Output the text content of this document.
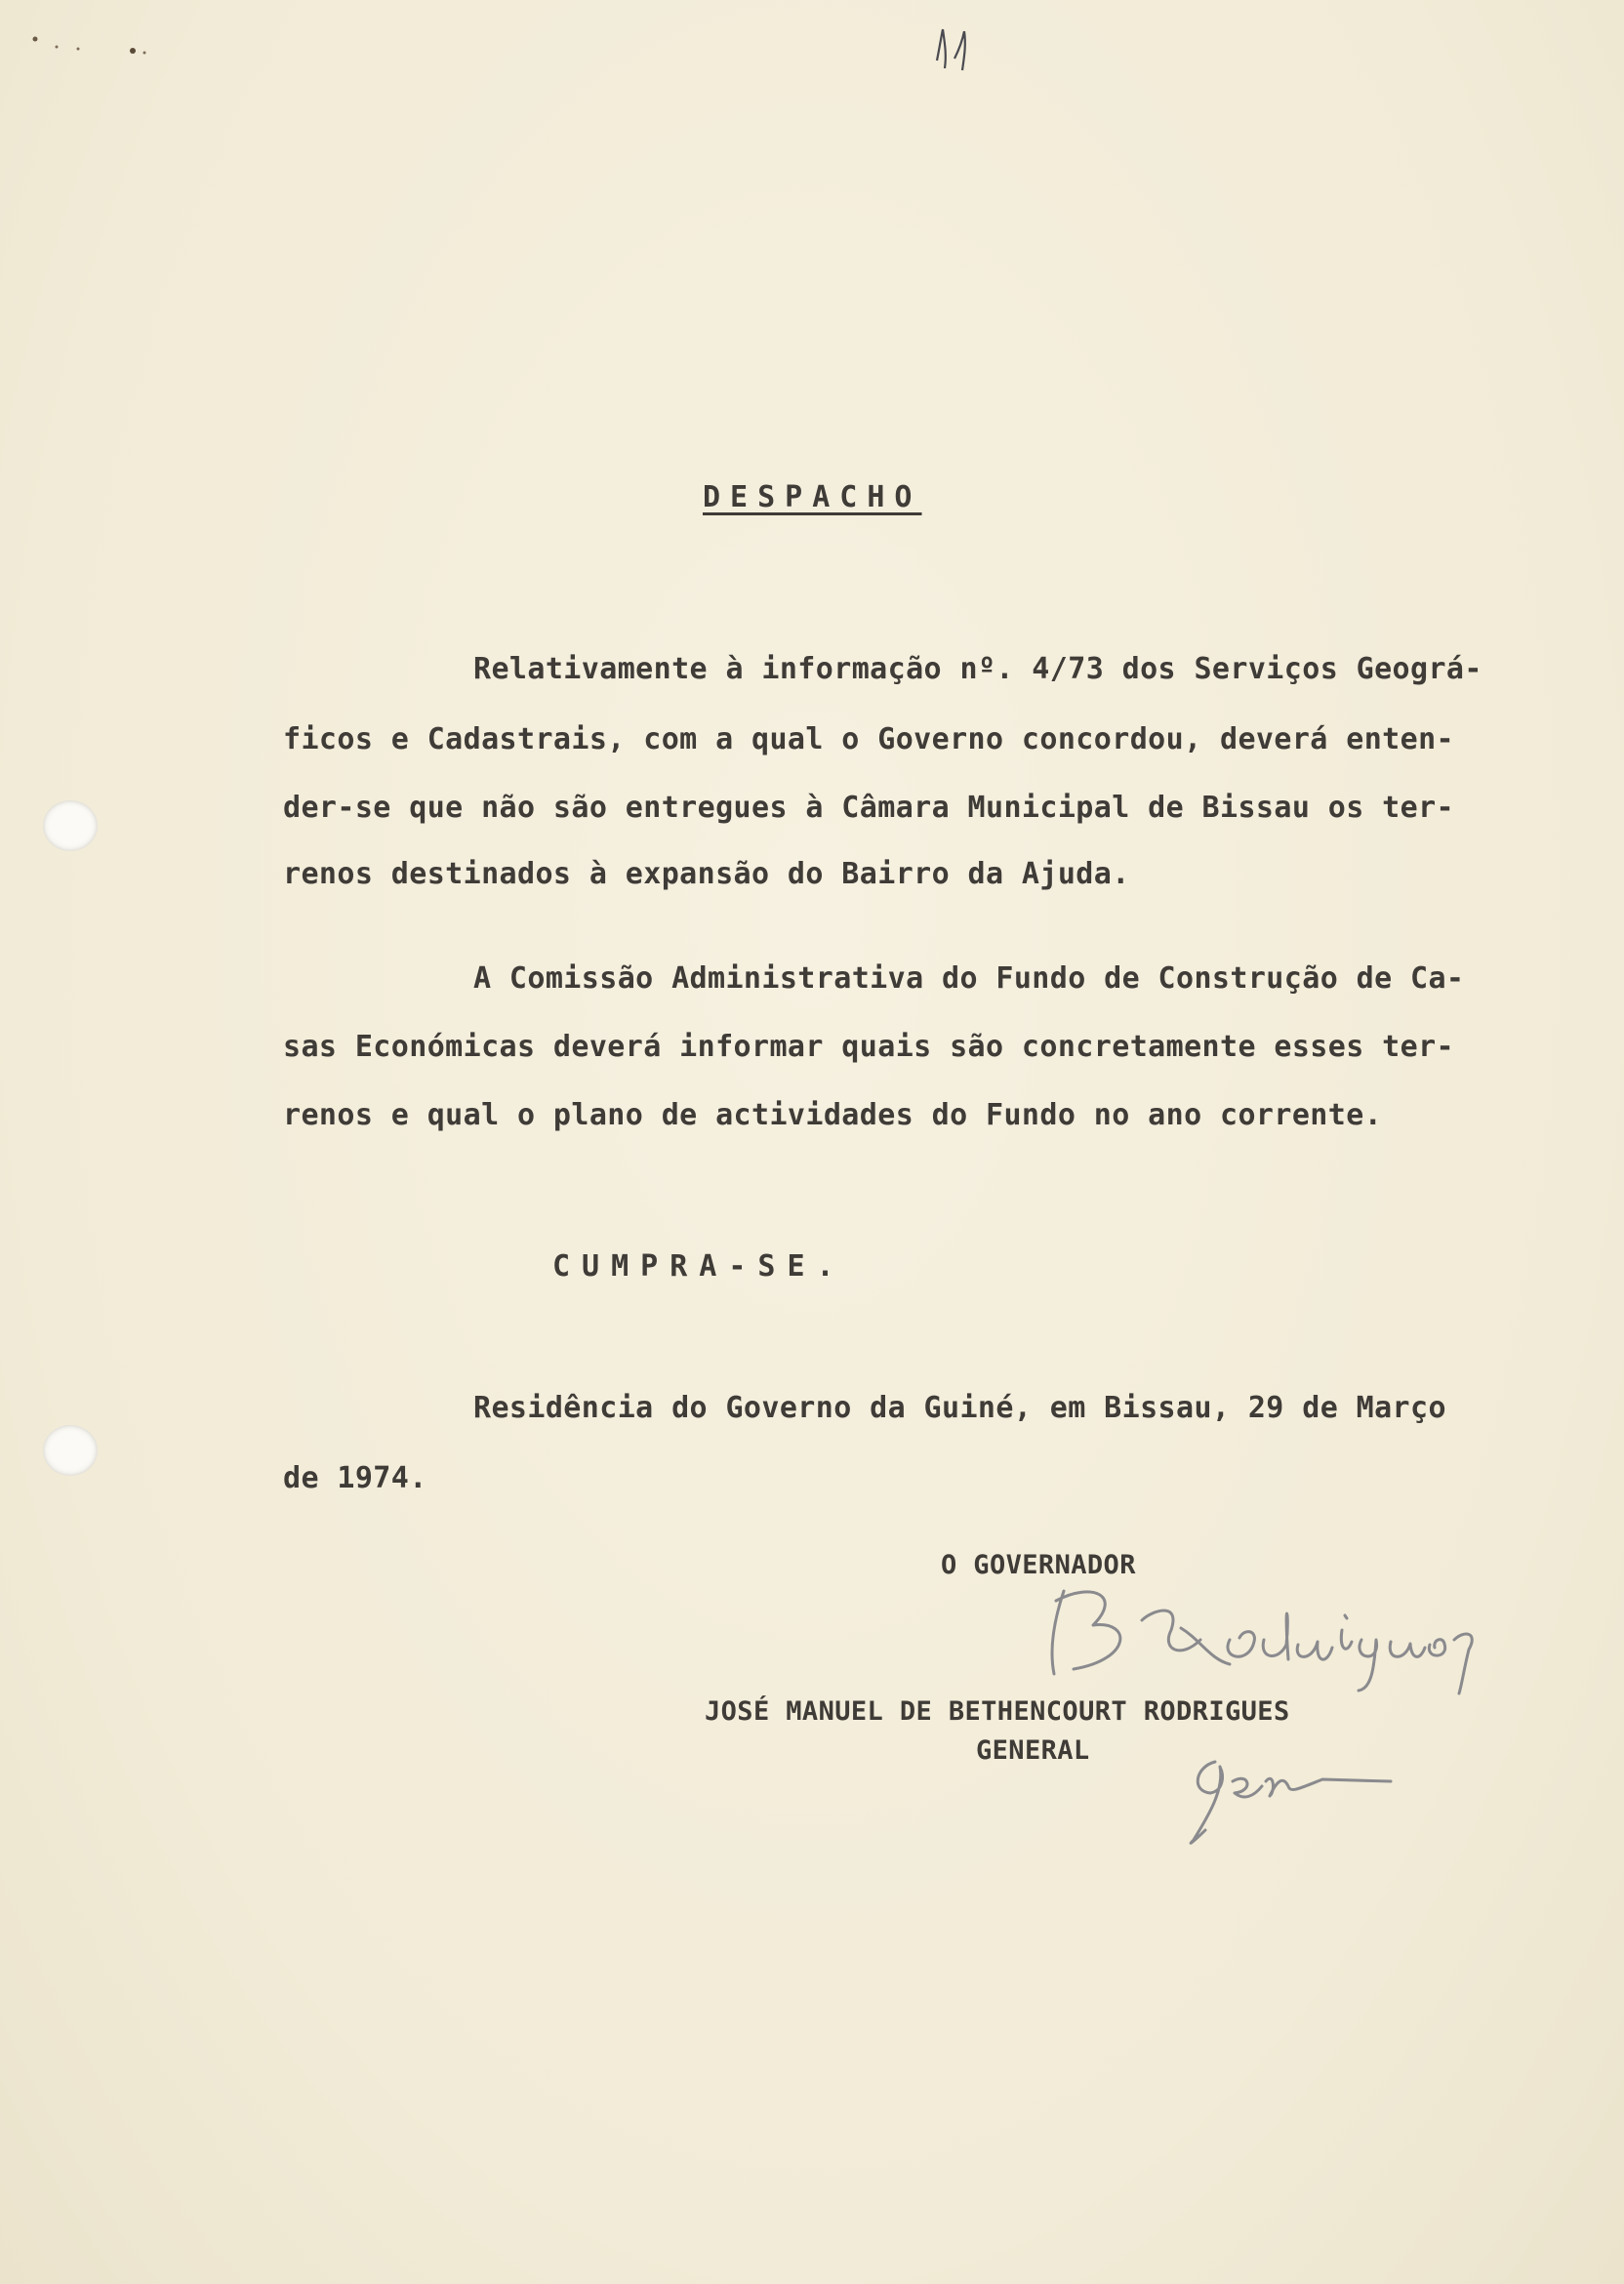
DESPACHO
Relativamente à informação nº. 4/73 dos Serviços Geográ-
ficos e Cadastrais, com a qual o Governo concordou, deverá enten-
der-se que não são entregues à Câmara Municipal de Bissau os ter-
renos destinados à expansão do Bairro da Ajuda.
A Comissão Administrativa do Fundo de Construção de Ca-
sas Económicas deverá informar quais são concretamente esses ter-
renos e qual o plano de actividades do Fundo no ano corrente.
CUMPRA-SE.
Residência do Governo da Guiné, em Bissau, 29 de Março
de 1974.
O GOVERNADOR
JOSÉ MANUEL DE BETHENCOURT RODRIGUES
GENERAL
